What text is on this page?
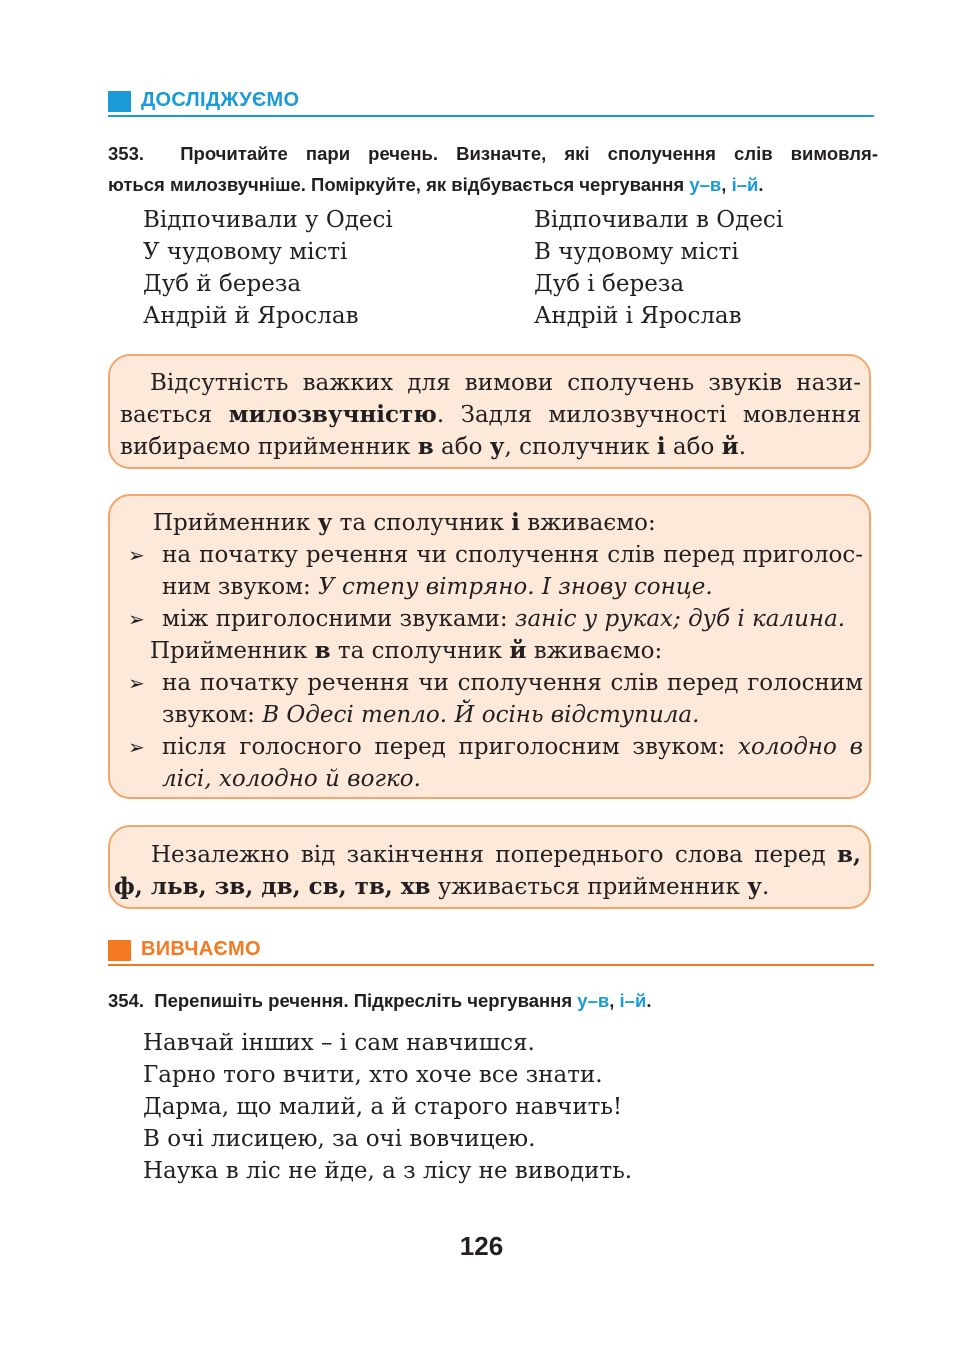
ДОСЛІДЖУЄМО
353. Прочитайте пари речень. Визначте, які сполучення слів вимовля-
ються милозвучніше. Поміркуйте, як відбувається чергування у–в, і–й.
Відпочивали у Одесі	Відпочивали в Одесі
У чудовому місті	В чудовому місті
Дуб й береза	Дуб і береза
Андрій й Ярослав	Андрій і Ярослав

Відсутність важких для вимови сполучень звуків нази- вається милозвучністю. Задля милозвучності мовлення вибираємо прийменник в або у, сполучник і або й.

Прийменник у та сполучник і вживаємо:

➢ на початку речення чи сполучення слів перед приголос- ним звуком: У степу вітряно. І знову сонце.

➢ між приголосними звуками: заніс у руках; дуб і калина.

Прийменник в та сполучник й вживаємо:

➢ на початку речення чи сполучення слів перед голосним звуком: В Одесі тепло. Й осінь відступила.

➢ після голосного перед приголосним звуком: холодно в лісі, холодно й вогко.

Незалежно від закінчення попереднього слова перед в, ф, льв, зв, дв, св, тв, хв уживається прийменник у.

ВИВЧАЄМО
354. Перепишіть речення. Підкресліть чергування у–в, і–й.
Навчай інших – і сам навчишся.
Гарно того вчити, хто хоче все знати.
Дарма, що малий, а й старого навчить!
В очі лисицею, за очі вовчицею.
Наука в ліс не йде, а з лісу не виводить.
126
